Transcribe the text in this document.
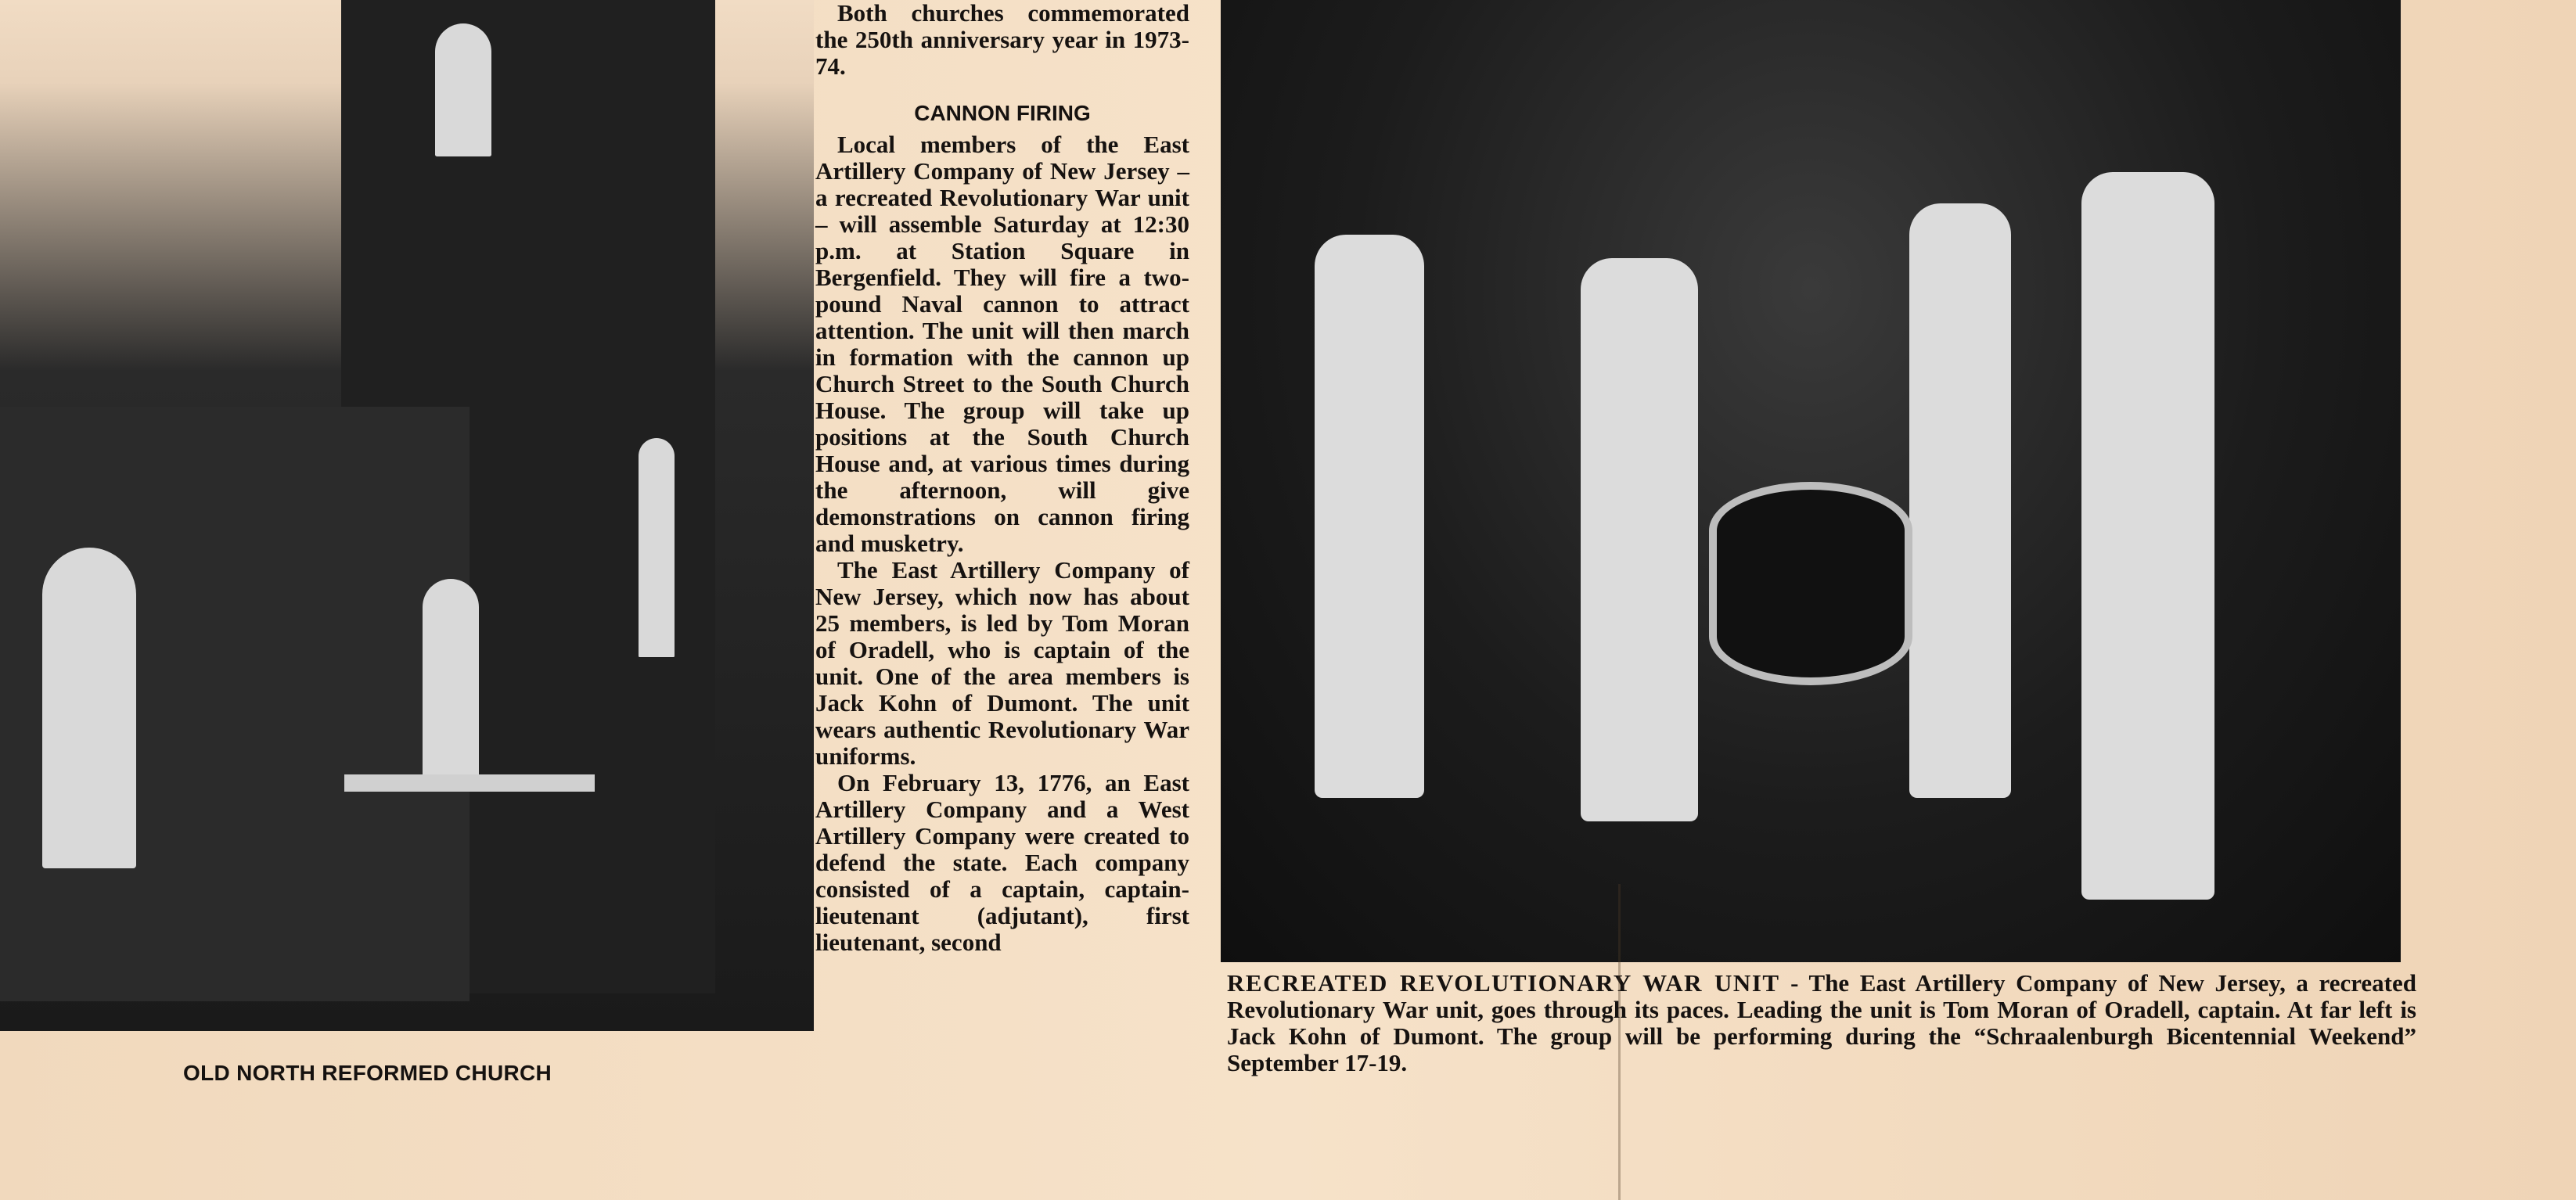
Both churches commemorated the 250th anniversary year in 1973-74.

CANNON FIRING

Local members of the East Artillery Company of New Jersey – a recreated Revolutionary War unit – will assemble Saturday at 12:30 p.m. at Station Square in Bergenfield. They will fire a two-pound Naval cannon to attract attention. The unit will then march in formation with the cannon up Church Street to the South Church House. The group will take up positions at the South Church House and, at various times during the afternoon, will give demonstrations on cannon firing and musketry.

The East Artillery Company of New Jersey, which now has about 25 members, is led by Tom Moran of Oradell, who is captain of the unit. One of the area members is Jack Kohn of Dumont. The unit wears authentic Revolutionary War uniforms.

On February 13, 1776, an East Artillery Company and a West Artillery Company were created to defend the state. Each company consisted of a captain, captain-lieutenant (adjutant), first lieutenant, second

OLD NORTH REFORMED CHURCH
RECREATED REVOLUTIONARY WAR UNIT - The East Artillery Company of New Jersey, a recreated Revolutionary War unit, goes through its paces. Leading the unit is Tom Moran of Oradell, captain. At far left is Jack Kohn of Dumont. The group will be performing during the “Schraalenburgh Bicentennial Weekend” September 17-19.
